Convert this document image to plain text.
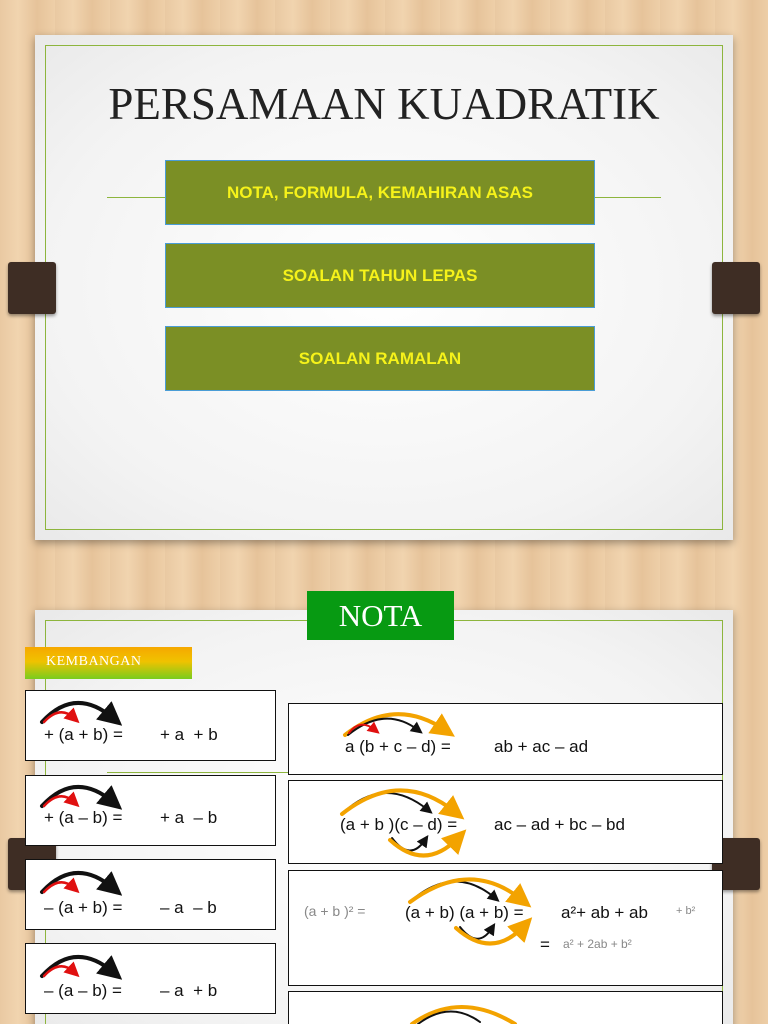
PERSAMAAN KUADRATIK
NOTA, FORMULA, KEMAHIRAN ASAS
SOALAN TAHUN LEPAS
SOALAN RAMALAN
NOTA
KEMBANGAN
+ (a + b) = + a  + b
+ (a – b) = + a  – b
– (a + b) = – a  – b
– (a – b) = – a  + b
a (b + c – d) =	ab + ac – ad
(a + b )(c – d) = ac – ad + bc – bd
(a + b )² = (a + b) (a + b) = a²+ ab + ab	+ b²
= a² + 2ab + b²
